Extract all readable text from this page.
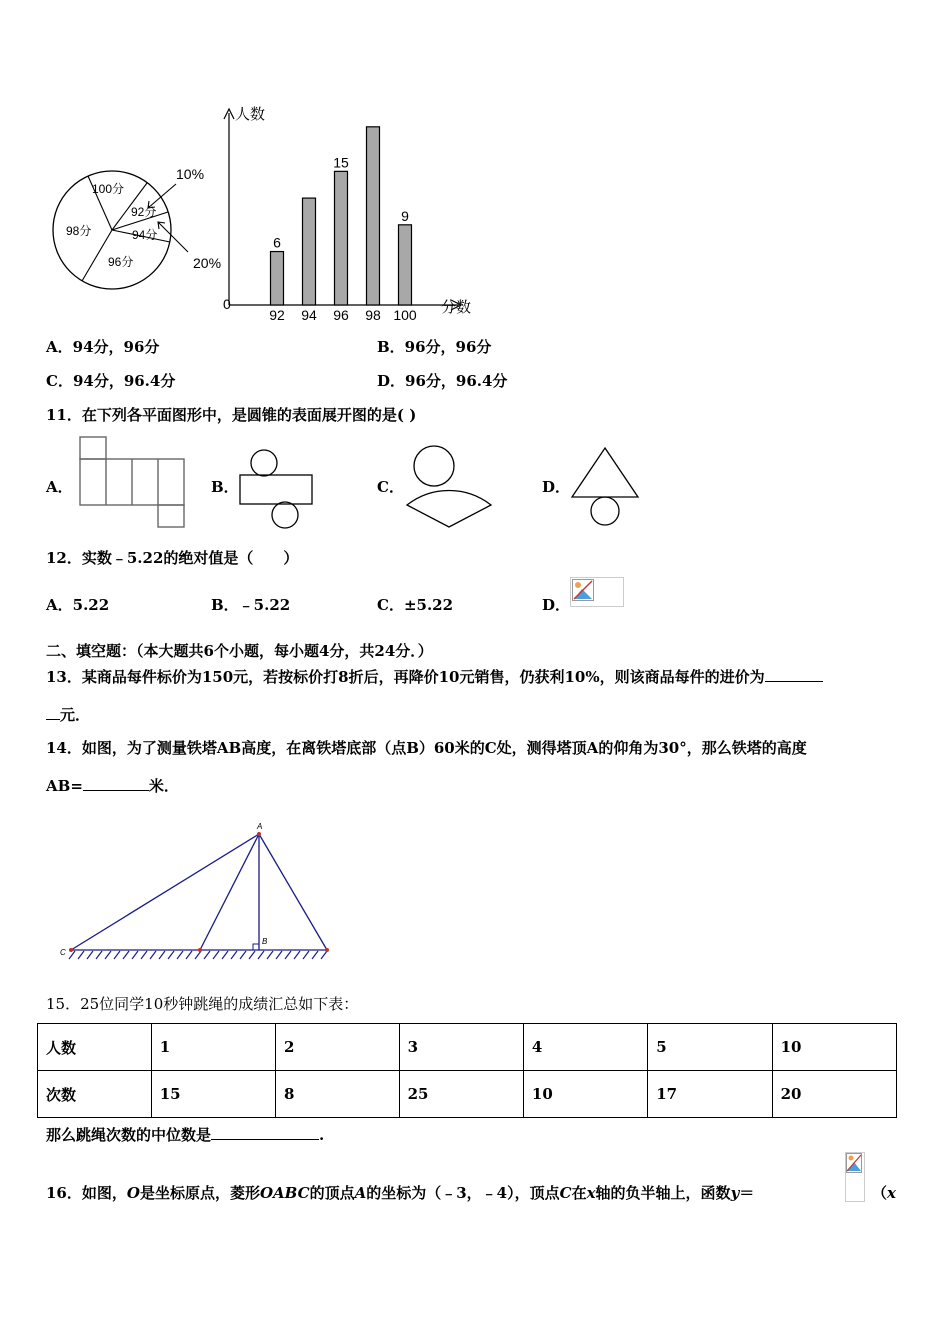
100分
92分
94分
96分
98分
10%
20%
人数
分数
0
92
6
94 96
15
98 100
9
A．94分，96分	B．96分，96分
C．94分，96.4分	D．96分，96.4分
11．在下列各平面图形中，是圆锥的表面展开图的是( )
A．	B．	C．	D．
12．实数﹣5.22的绝对值是（　　）
A．5.22	B．﹣5.22	C．±5.22	D．
二、填空题：（本大题共6个小题，每小题4分，共24分．）
13．某商品每件标价为150元，若按标价打8折后，再降价10元销售，仍获利10%，则该商品每件的进价为
元．
14．如图，为了测量铁塔AB高度，在离铁塔底部（点B）60米的C处，测得塔顶A的仰角为30°，那么铁塔的高度
AB=	米．
A
B
C
15．25位同学10秒钟跳绳的成绩汇总如下表：
人数	1	2	3	4	5	10
次数	15	8	25	10	17	20
那么跳绳次数的中位数是	.
16．如图，O是坐标原点，菱形OABC的顶点A的坐标为（﹣3，﹣4），顶点C在x轴的负半轴上，函数y＝	（x
